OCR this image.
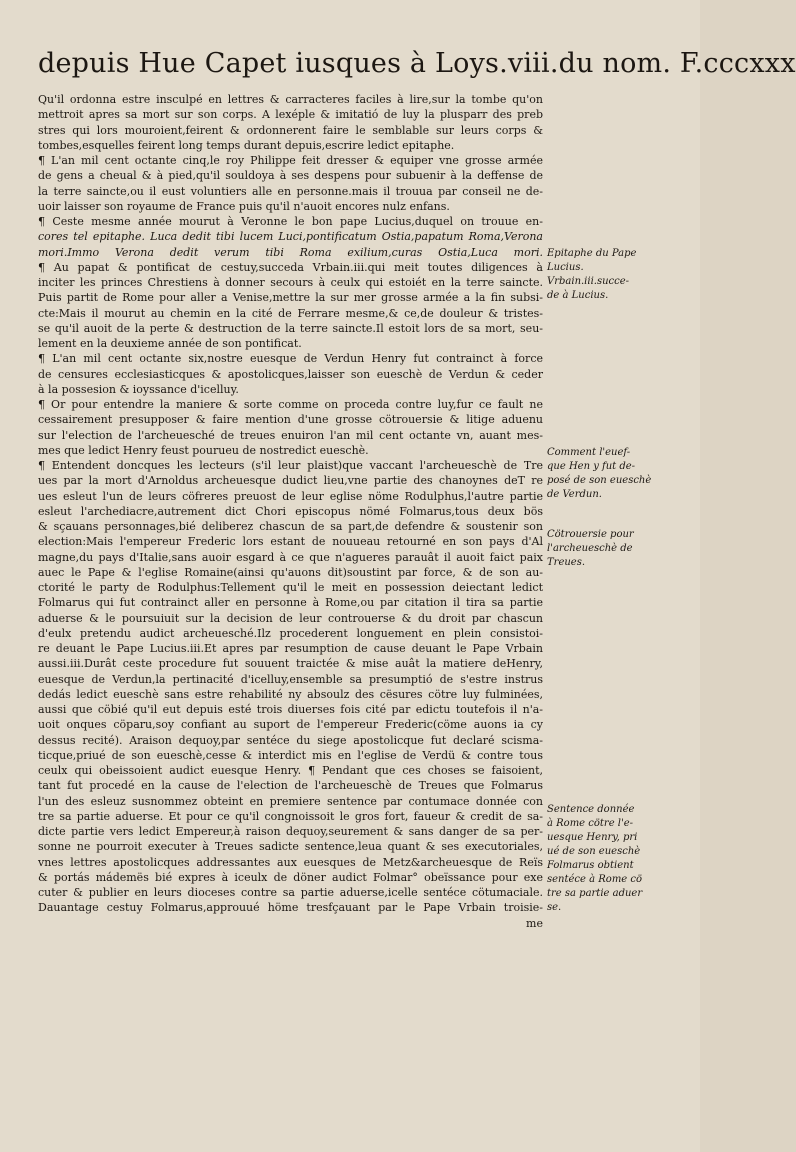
depuis Hue Capet iusques à Loys.viii.du nom. F.cccxxx
Qu'il ordonna estre insculpé en lettres & carracteres faciles à lire,sur la tombe qu'on
mettroit apres sa mort sur son corps. A lexéple & imitatió de luy la plusparr des preb
stres qui lors mouroient,feirent & ordonnerent faire le semblable sur leurs corps &
tombes,esquelles feirent long temps durant depuis,escrire ledict epitaphe.
¶ L'an mil cent octante cinq,le roy Philippe feit dresser & equiper vne grosse armée
de gens a cheual & à pied,qu'il souldoya à ses despens pour subuenir à la deffense de
la terre saincte,ou il eust voluntiers alle en personne.mais il trouua par conseil ne de-
uoir laisser son royaume de France puis qu'il n'auoit encores nulz enfans.
¶ Ceste mesme année mourut à Veronne le bon pape Lucius,duquel on trouue en-
cores tel epitaphe. Luca dedit tibi lucem Luci,pontificatum Ostia,papatum Roma,Verona
mori.Immo Verona dedit verum tibi Roma exilium,curas Ostia,Luca mori.
¶ Au papat & pontificat de cestuy,succeda Vrbain.iii.qui meit toutes diligences à
inciter les princes Chrestiens à donner secours à ceulx qui estoiét en la terre saincte.
Puis partit de Rome pour aller a Venise,mettre la sur mer grosse armée a la fin subsi-
cte:Mais il mourut au chemin en la cité de Ferrare mesme,& ce,de douleur & tristes-
se qu'il auoit de la perte & destruction de la terre saincte.Il estoit lors de sa mort, seu-
lement en la deuxieme année de son pontificat.
¶ L'an mil cent octante six,nostre euesque de Verdun Henry fut contrainct à force
de censures ecclesiasticques & apostolicques,laisser son eueschè de Verdun & ceder
à la possesion & ioyssance d'icelluy.
¶ Or pour entendre la maniere & sorte comme on proceda contre luy,fur ce fault ne
cessairement presupposer & faire mention d'une grosse cötrouersie & litige aduenu
sur l'election de l'archeuesché de treues enuiron l'an mil cent octante vn, auant mes-
mes que ledict Henry feust pourueu de nostredict eueschè.
¶ Entendent doncques les lecteurs (s'il leur plaist)que vaccant l'archeueschè de Tre
ues par la mort d'Arnoldus archeuesque dudict lieu,vne partie des chanoynes deT re
ues esleut l'un de leurs cöfreres preuost de leur eglise nöme Rodulphus,l'autre partie
esleut l'archediacre,autrement dict Chori episcopus nömé Folmarus,tous deux bös
& sçauans personnages,bié deliberez chascun de sa part,de defendre & soustenir son
election:Mais l'empereur Frederic lors estant de nouueau retourné en son pays d'Al
magne,du pays d'Italie,sans auoir esgard à ce que n'agueres parauât il auoit faict paix
auec le Pape & l'eglise Romaine(ainsi qu'auons dit)soustint par force, & de son au-
ctorité le party de Rodulphus:Tellement qu'il le meit en possession deiectant ledict
Folmarus qui fut contrainct aller en personne à Rome,ou par citation il tira sa partie
aduerse & le poursuiuit sur la decision de leur controuerse & du droit par chascun
d'eulx pretendu audict archeuesché.Ilz procederent longuement en plein consistoi-
re deuant le Pape Lucius.iii.Et apres par resumption de cause deuant le Pape Vrbain
aussi.iii.Durât ceste procedure fut souuent traictée & mise auât la matiere deHenry,
euesque de Verdun,la pertinacité d'icelluy,ensemble sa presumptió de s'estre instrus
dedás ledict eueschè sans estre rehabilité ny absoulz des cësures cötre luy fulminées,
aussi que cöbié qu'il eut depuis esté trois diuerses fois cité par edictu toutefois il n'a-
uoit onques cöparu,soy confiant au suport de l'empereur Frederic(cöme auons ia cy
dessus recité). Araison dequoy,par sentéce du siege apostolicque fut declaré scisma-
ticque,priué de son eueschè,cesse & interdict mis en l'eglise de Verdü & contre tous
ceulx qui obeissoient audict euesque Henry. ¶ Pendant que ces choses se faisoient,
tant fut procedé en la cause de l'election de l'archeueschè de Treues que Folmarus
l'un des esleuz susnommez obteint en premiere sentence par contumace donnée con
tre sa partie aduerse. Et pour ce qu'il congnoissoit le gros fort, faueur & credit de sa-
dicte partie vers ledict Empereur,à raison dequoy,seurement & sans danger de sa per-
sonne ne pourroit executer à Treues sadicte sentence,leua quant & ses executoriales,
vnes lettres apostolicques addressantes aux euesques de Metz&archeuesque de Reïs
& portás mádemës bié expres à iceulx de döner audict Folmar° obeïssance pour exe
cuter & publier en leurs dioceses contre sa partie aduerse,icelle sentéce cötumaciale.
Dauantage cestuy Folmarus,approuué höme tresfçauant par le Pape Vrbain troisie-
me
Epitaphe du Pape
Lucius.
Vrbain.iii.succe-
de à Lucius.
Comment l'euef-
que Hen y fut de-
posé de son eueschè
de Verdun.
Cötrouersie pour
l'archeueschè de
Treues.
Sentence donnée
à Rome cötre l'e-
uesque Henry, pri
ué de son eueschè
Folmarus obtient
sentéce à Rome cö
tre sa partie aduer
se.
